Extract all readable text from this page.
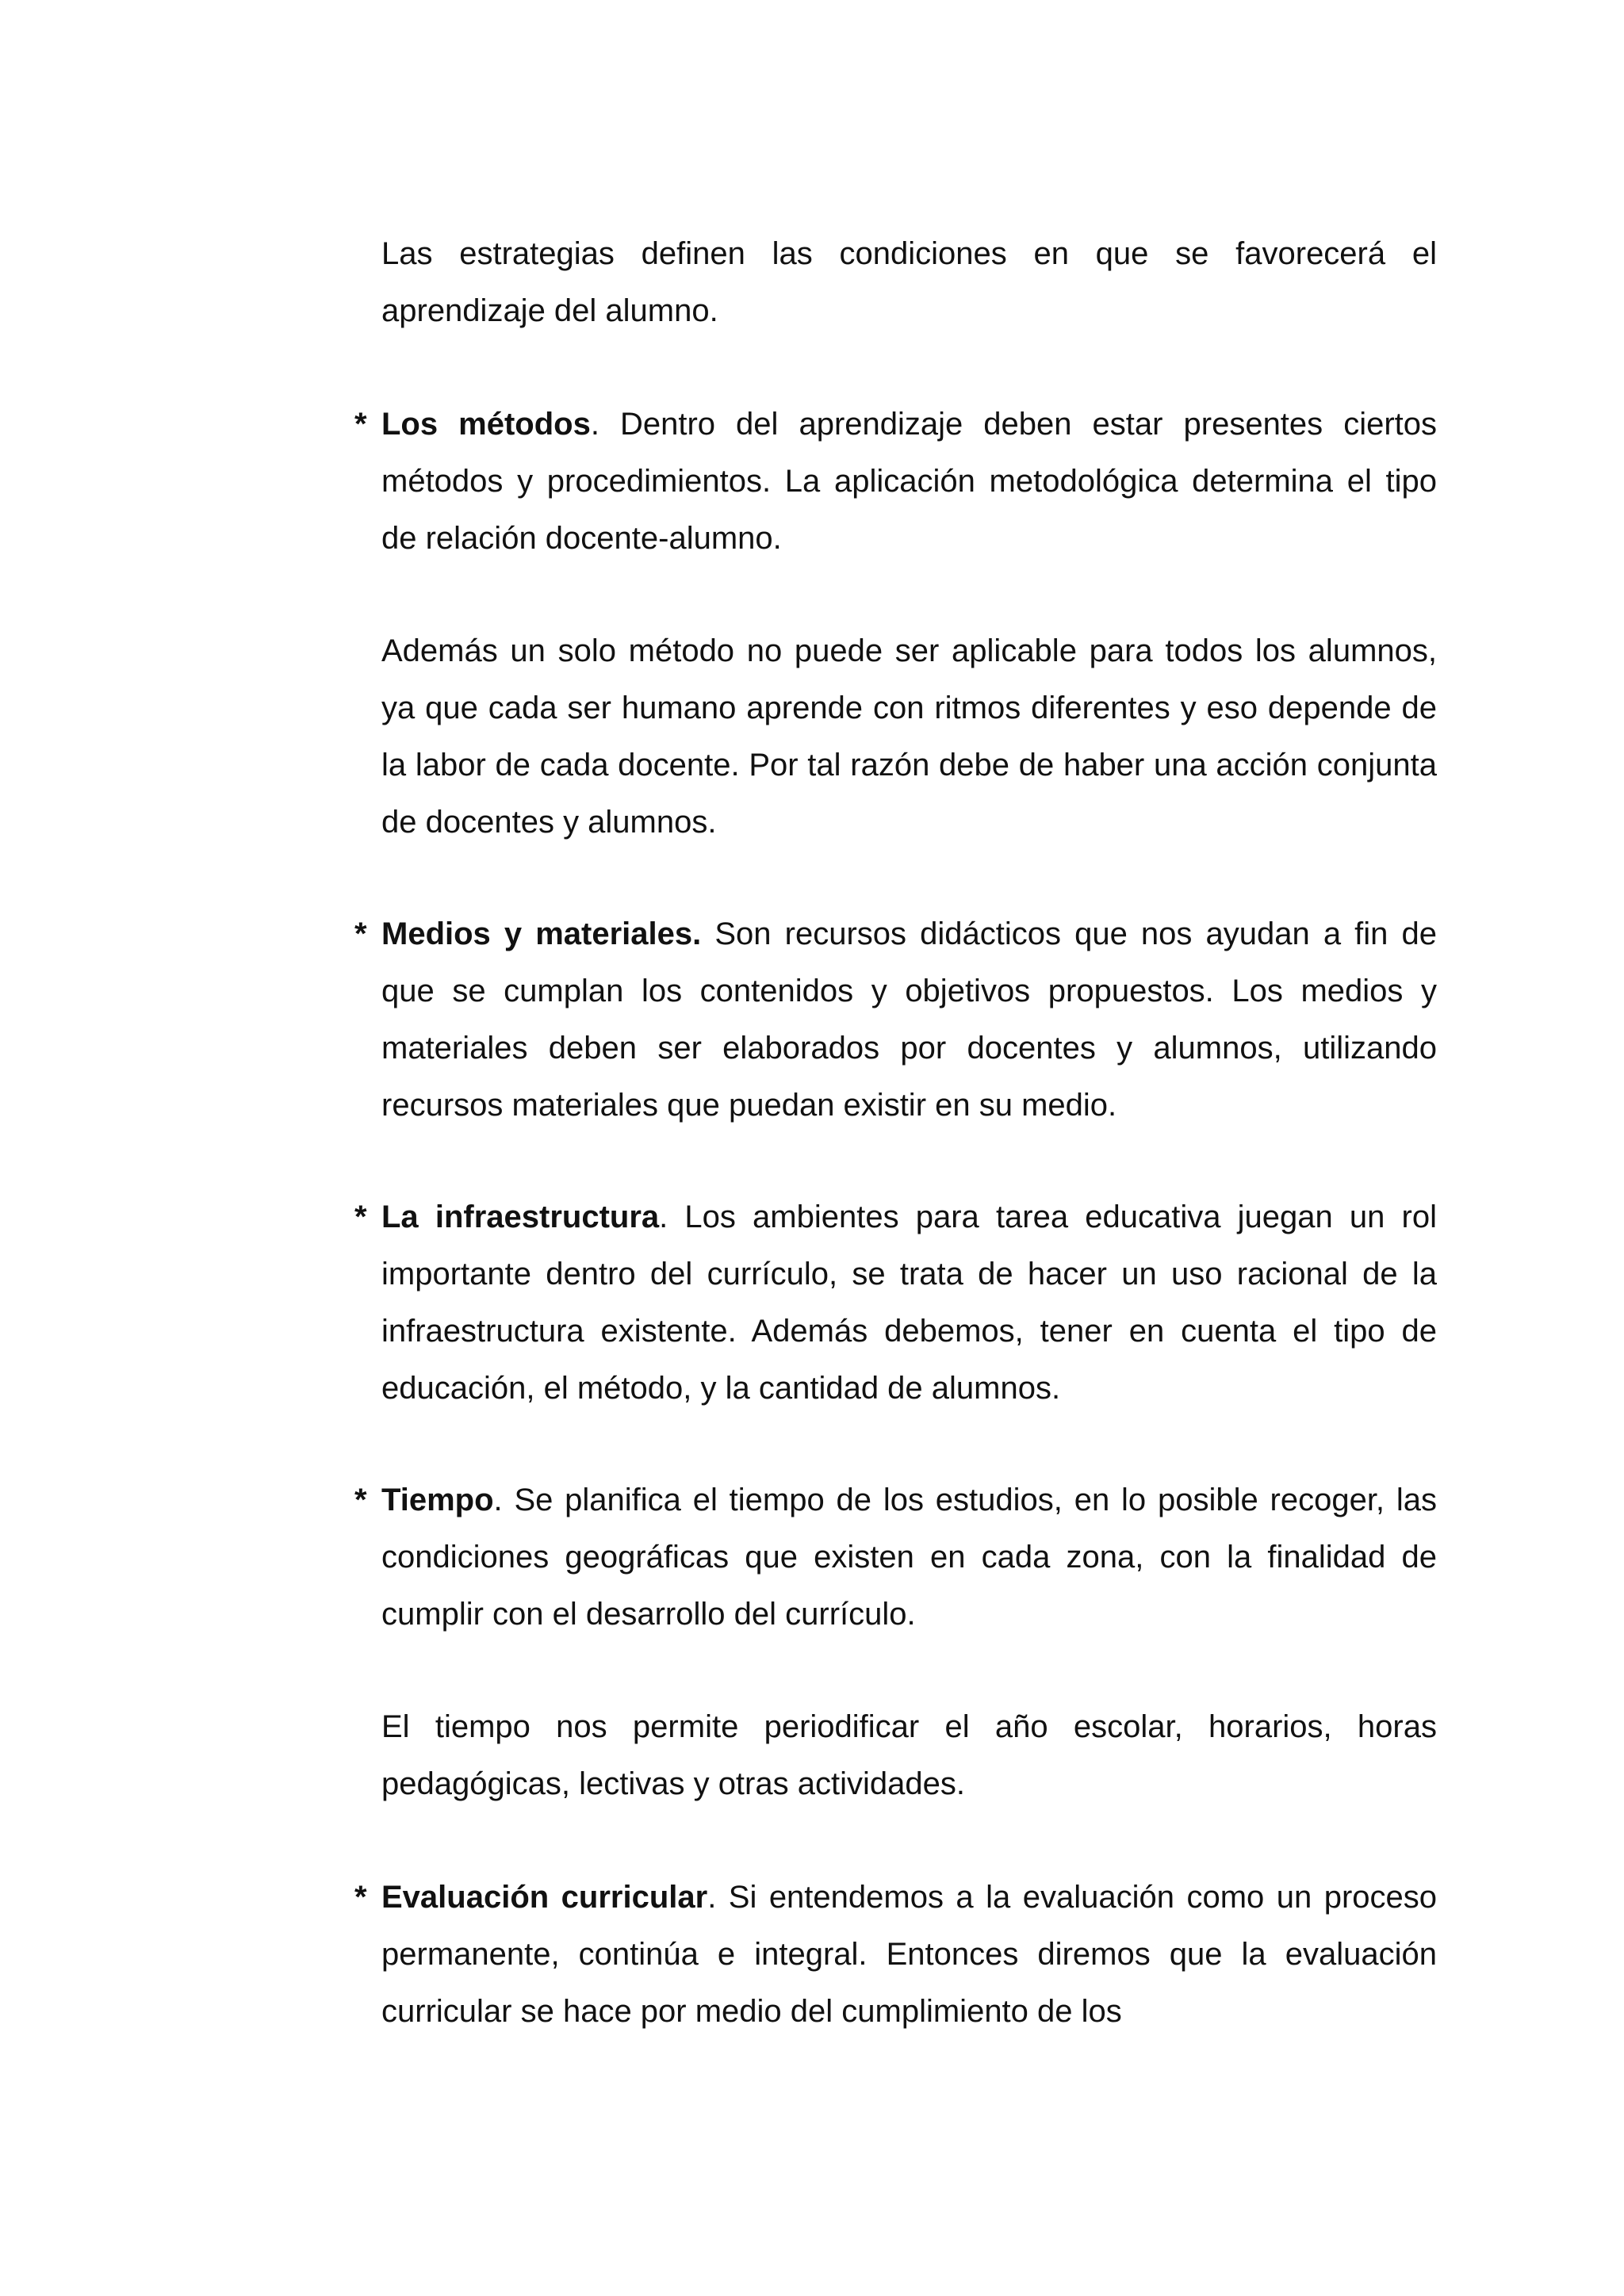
Las estrategias definen las condiciones en que se favorecerá el aprendizaje del alumno.

* Los métodos. Dentro del aprendizaje deben estar presentes ciertos métodos y procedimientos. La aplicación metodológica determina el tipo de relación docente-alumno.

Además un solo método no puede ser aplicable para todos los alumnos, ya que cada ser humano aprende con ritmos diferentes y eso depende de la labor de cada docente. Por tal razón debe de haber una acción conjunta de docentes y alumnos.

* Medios y materiales. Son recursos didácticos que nos ayudan a fin de que se cumplan los contenidos y objetivos propuestos. Los medios y materiales deben ser elaborados por docentes y alumnos, utilizando recursos materiales que puedan existir en su medio.

* La infraestructura. Los ambientes para tarea educativa juegan un rol importante dentro del currículo, se trata de hacer un uso racional de la infraestructura existente. Además debemos, tener en cuenta el tipo de educación, el método, y la cantidad de alumnos.

* Tiempo. Se planifica el tiempo de los estudios, en lo posible recoger, las condiciones geográficas que existen en cada zona, con la finalidad de cumplir con el desarrollo del currículo.

El tiempo nos permite periodificar el año escolar, horarios, horas pedagógicas, lectivas y otras actividades.

* Evaluación curricular. Si entendemos a la evaluación como un proceso permanente, continúa e integral. Entonces diremos que la evaluación curricular se hace por medio del cumplimiento de los
